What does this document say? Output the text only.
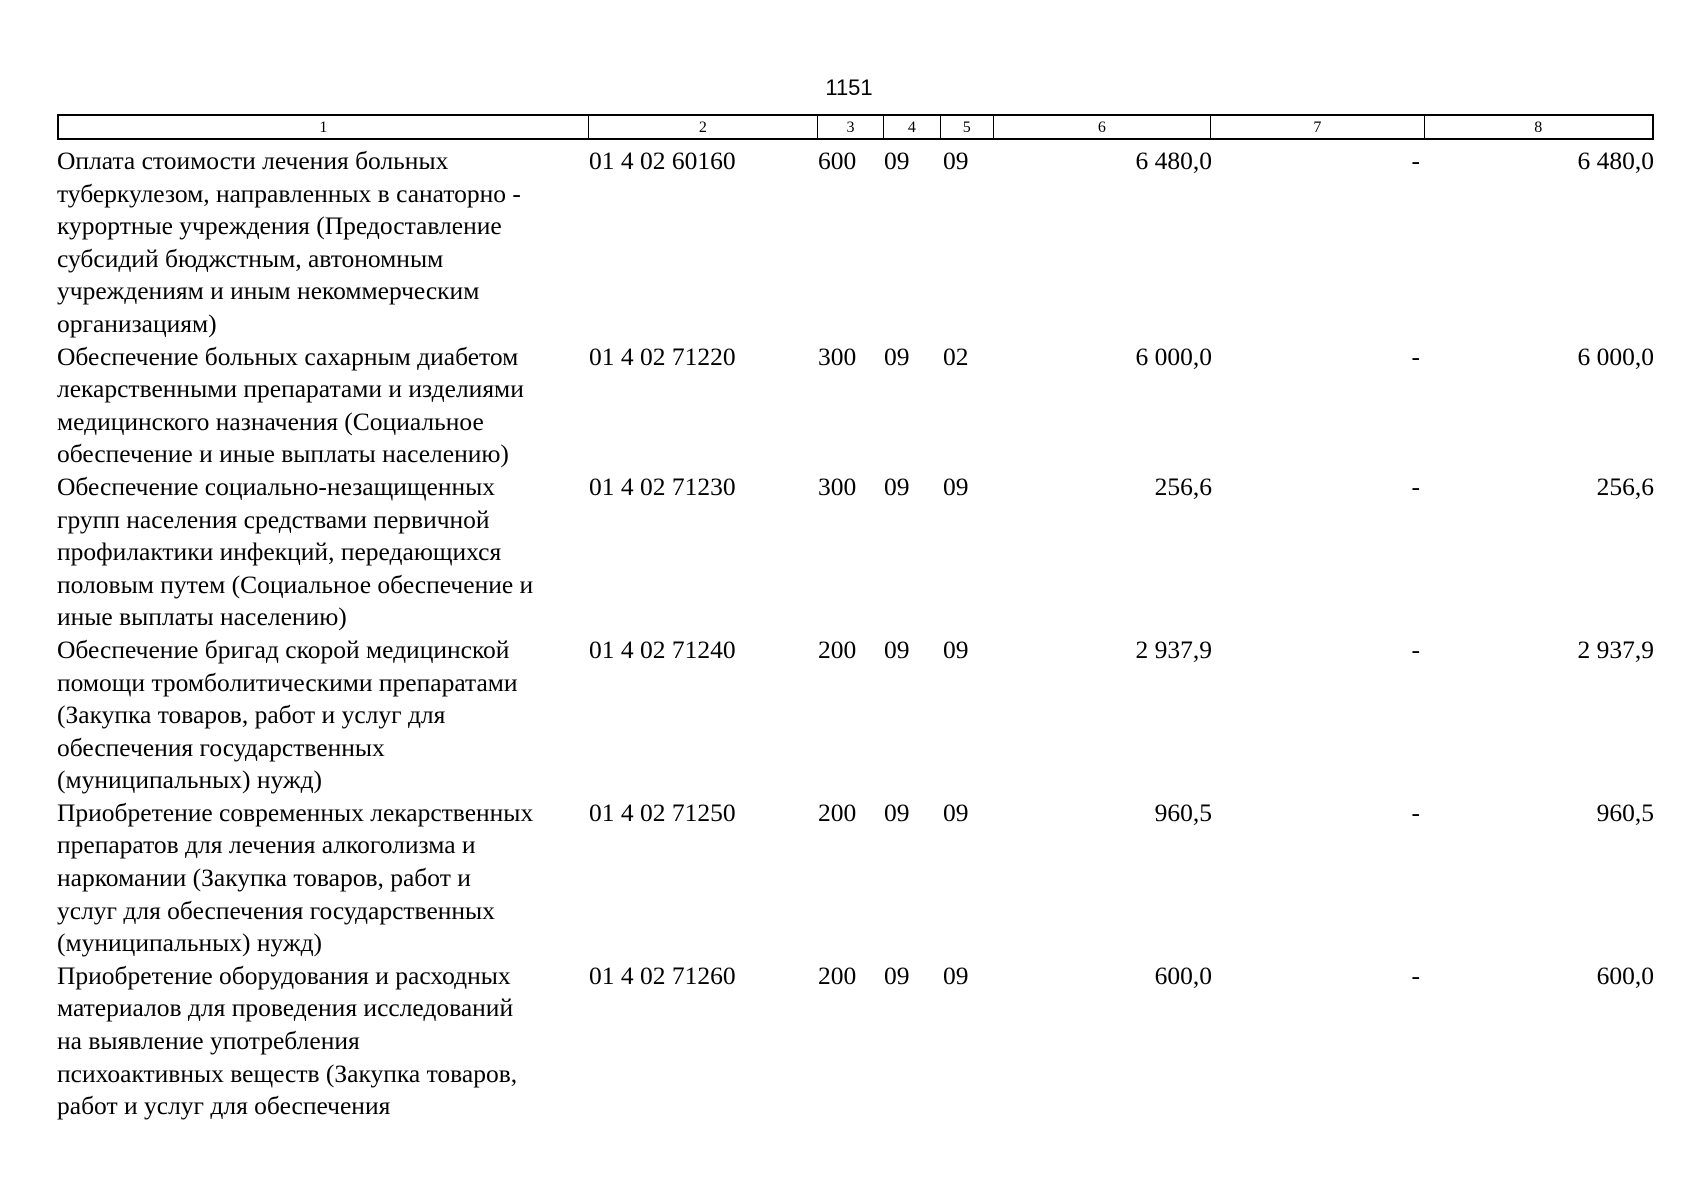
1151
1	2	3	4	5	6	7	8
Оплата стоимости лечения больных
туберкулезом, направленных в санаторно -
курортные учреждения (Предоставление
субсидий бюджстным, автономным
учреждениям и иным некоммерческим
организациям)
01 4 02 60160	600	09	09	6 480,0	-	6 480,0
Обеспечение больных сахарным диабетом
лекарственными препаратами и изделиями
медицинского назначения (Социальное
обеспечение и иные выплаты населению)
01 4 02 71220	300	09	02	6 000,0	-	6 000,0
Обеспечение социально-незащищенных
групп населения средствами первичной
профилактики инфекций, передающихся
половым путем (Социальное обеспечение и
иные выплаты населению)
01 4 02 71230	300	09	09	256,6	-	256,6
Обеспечение бригад скорой медицинской
помощи тромболитическими препаратами
(Закупка товаров, работ и услуг для
обеспечения государственных
(муниципальных) нужд)
01 4 02 71240	200	09	09	2 937,9	-	2 937,9
Приобретение современных лекарственных
препаратов для лечения алкоголизма и
наркомании (Закупка товаров, работ и
услуг для обеспечения государственных
(муниципальных) нужд)
01 4 02 71250	200	09	09	960,5	-	960,5
Приобретение оборудования и расходных
материалов для проведения исследований
на выявление употребления
психоактивных веществ (Закупка товаров,
работ и услуг для обеспечения
01 4 02 71260	200	09	09	600,0	-	600,0
